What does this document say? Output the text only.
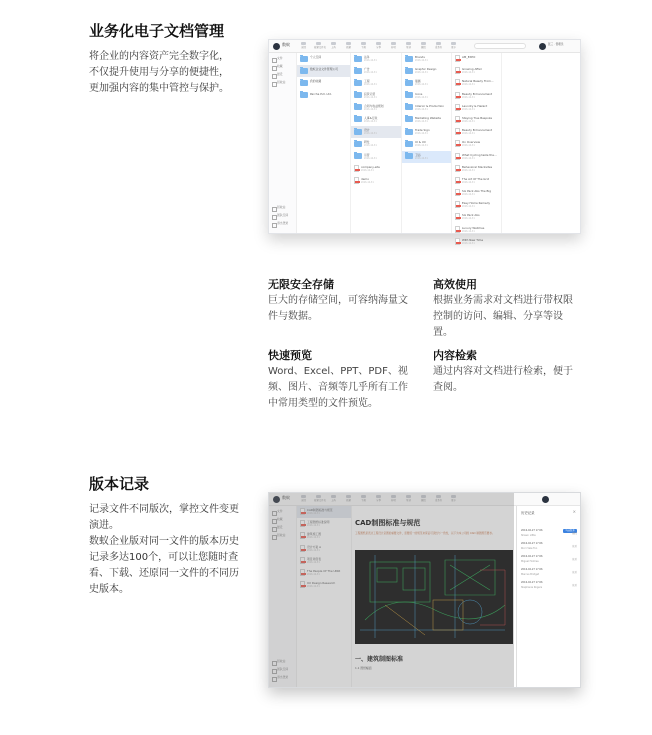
业务化电子文档管理
将企业的内容资产完全数字化，
不仅提升使用与分享的便捷性，
更加强内容的集中管控与保护。
数蚁
返回	新建文件夹	上传	新建	下载	分享	移动	复制	删除	重命名	更多
张三 · 管理员
文件
收藏
最近
回收站
回收站
团队空间
退出登录
个人空间
数蚁企业文件管理公司
我的收藏
Parcha Pvt. Ltd.
法务
2016-12-31
广告
2016-12-31
工程
2016-12-31
投资运营
2016-12-31
合同与收益规划
2016-12-31
人事&行政
2016-12-31
设计
2016-12-31
研发
2016-12-31
运营
2016-12-31
company-site
2016-12-31
demo
2016-12-31
Brands
2016-12-31
Graphic Design
2016-12-31
插画
2016-12-31
Icons
2016-12-31
Interior & Production
2016-12-31
Marketing Website
2016-12-31
Trade Sign
2016-12-31
UI & UX
2016-12-31
卫浴
2016-12-31
AM_EXPO
Growing Affair
2016-12-31
Natural Beauty From...
2016-12-31
Beauty Enhancement
2016-12-31
Laundry & Hazard
2016-12-31
Staying True Bespoke
2016-12-31
Beauty Enhancement
2016-12-31
On Overview
2016-12-31
What Cycling taste the...
2016-12-31
Behavioral Stacksites
2016-12-31
The Art Of The Grid
2016-12-31
Six Pack Abs The Big
2016-12-31
Easy Home Remedy
2016-12-31
Six Pack Abs
2016-12-31
Luxury Watches
2016-12-31
With New Time
2016-12-31
无限安全存储
巨大的存储空间，可容纳海量文
件与数据。
高效使用
根据业务需求对文档进行带权限
控制的访问、编辑、分享等设
置。
快速预览
Word、Excel、PPT、PDF、视
频、图片、音频等几乎所有工作
中常用类型的文件预览。
内容检索
通过内容对文档进行检索，便于
查阅。
版本记录
记录文件不同版次，掌控文件变更
演进。
数蚁企业版对同一文件的版本历史
记录多达100个，可以让您随时查
看、下载、还原同一文件的不同历
史版本。
数蚁
返回	新建文件夹	上传	新建	下载	分享	移动	复制	删除	重命名	更多
文件
收藏
最近
回收站
回收站
团队空间
退出登录
CAD制图标准与规范
2016-12-31
工程图纸标准说明
2016-12-31
建筑施工图
2016-12-31
设计方案 A
2016-12-31
项目进度表
2016-12-31
The People Of The UNIX
2016-12-31
UX Design Research
2016-12-31
CAD制图标准与规范
工程图纸是表达工程设计意图的重要文件，需要统一的规范来保证可读性与一致性，以下为本公司的 CAD 制图规范要求。
一、建筑制图标准
1.1 图纸幅面
历史记录	×
当前版本
2016-02-27 17:06
Shawn Little
删除
2016-02-27 17:06
Ricci Vale Ton
恢复
2016-02-27 17:06
Miguel Holmes
恢复
2016-02-27 17:06
Marcus Bridget
恢复
2016-02-27 17:06
Stephanie Rogers
恢复
